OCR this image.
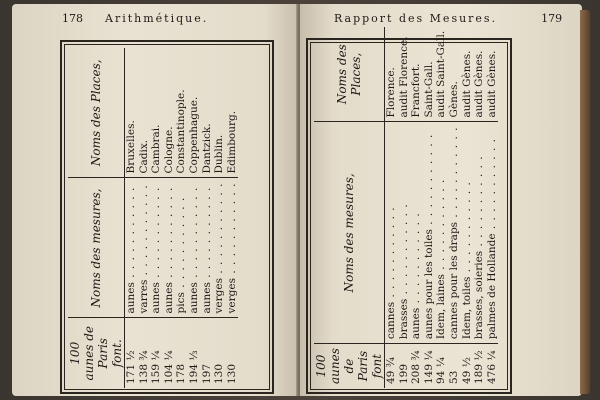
178 Arithmétique.	Rapport des Mesures.	179
100 aunes de Paris font.	Noms des mesures,	Noms des Places,
171 ½	aunes . . .	Bruxelles.
138 ¾	varres . . .	Cadix.
159 ¼	aunes . . .	Cambrai.
104 ¼	aunes . . .	Cologne.
178	pics . . .	Constantinople.
194 ⅓	aunes . . .	Coppenhague.
197	aunes . . .	Dantzick.
130	verges . . .	Dublin.
130	verges . . .	Edimbourg.
100 aunes de Paris font	Noms des mesures,	Noms des Places,
49 ¾	cannes . . .	Florence.
199	brasses . . .	audit Florence.
208 ¾	aunes . . .	Francfort.
149 ¼	aunes pour les toiles . . .	Saint-Gall.
94 ¼	Idem, laines . . .	audit Saint-Gall.
53	cannes pour les draps . . .	Gènes.
49 ½	Idem, toiles . . .	audit Gènes.
189 ½	brasses, soieries . . .	audit Gènes.
476 ¼	palmes de Hollande . . .	audit Gènes.
